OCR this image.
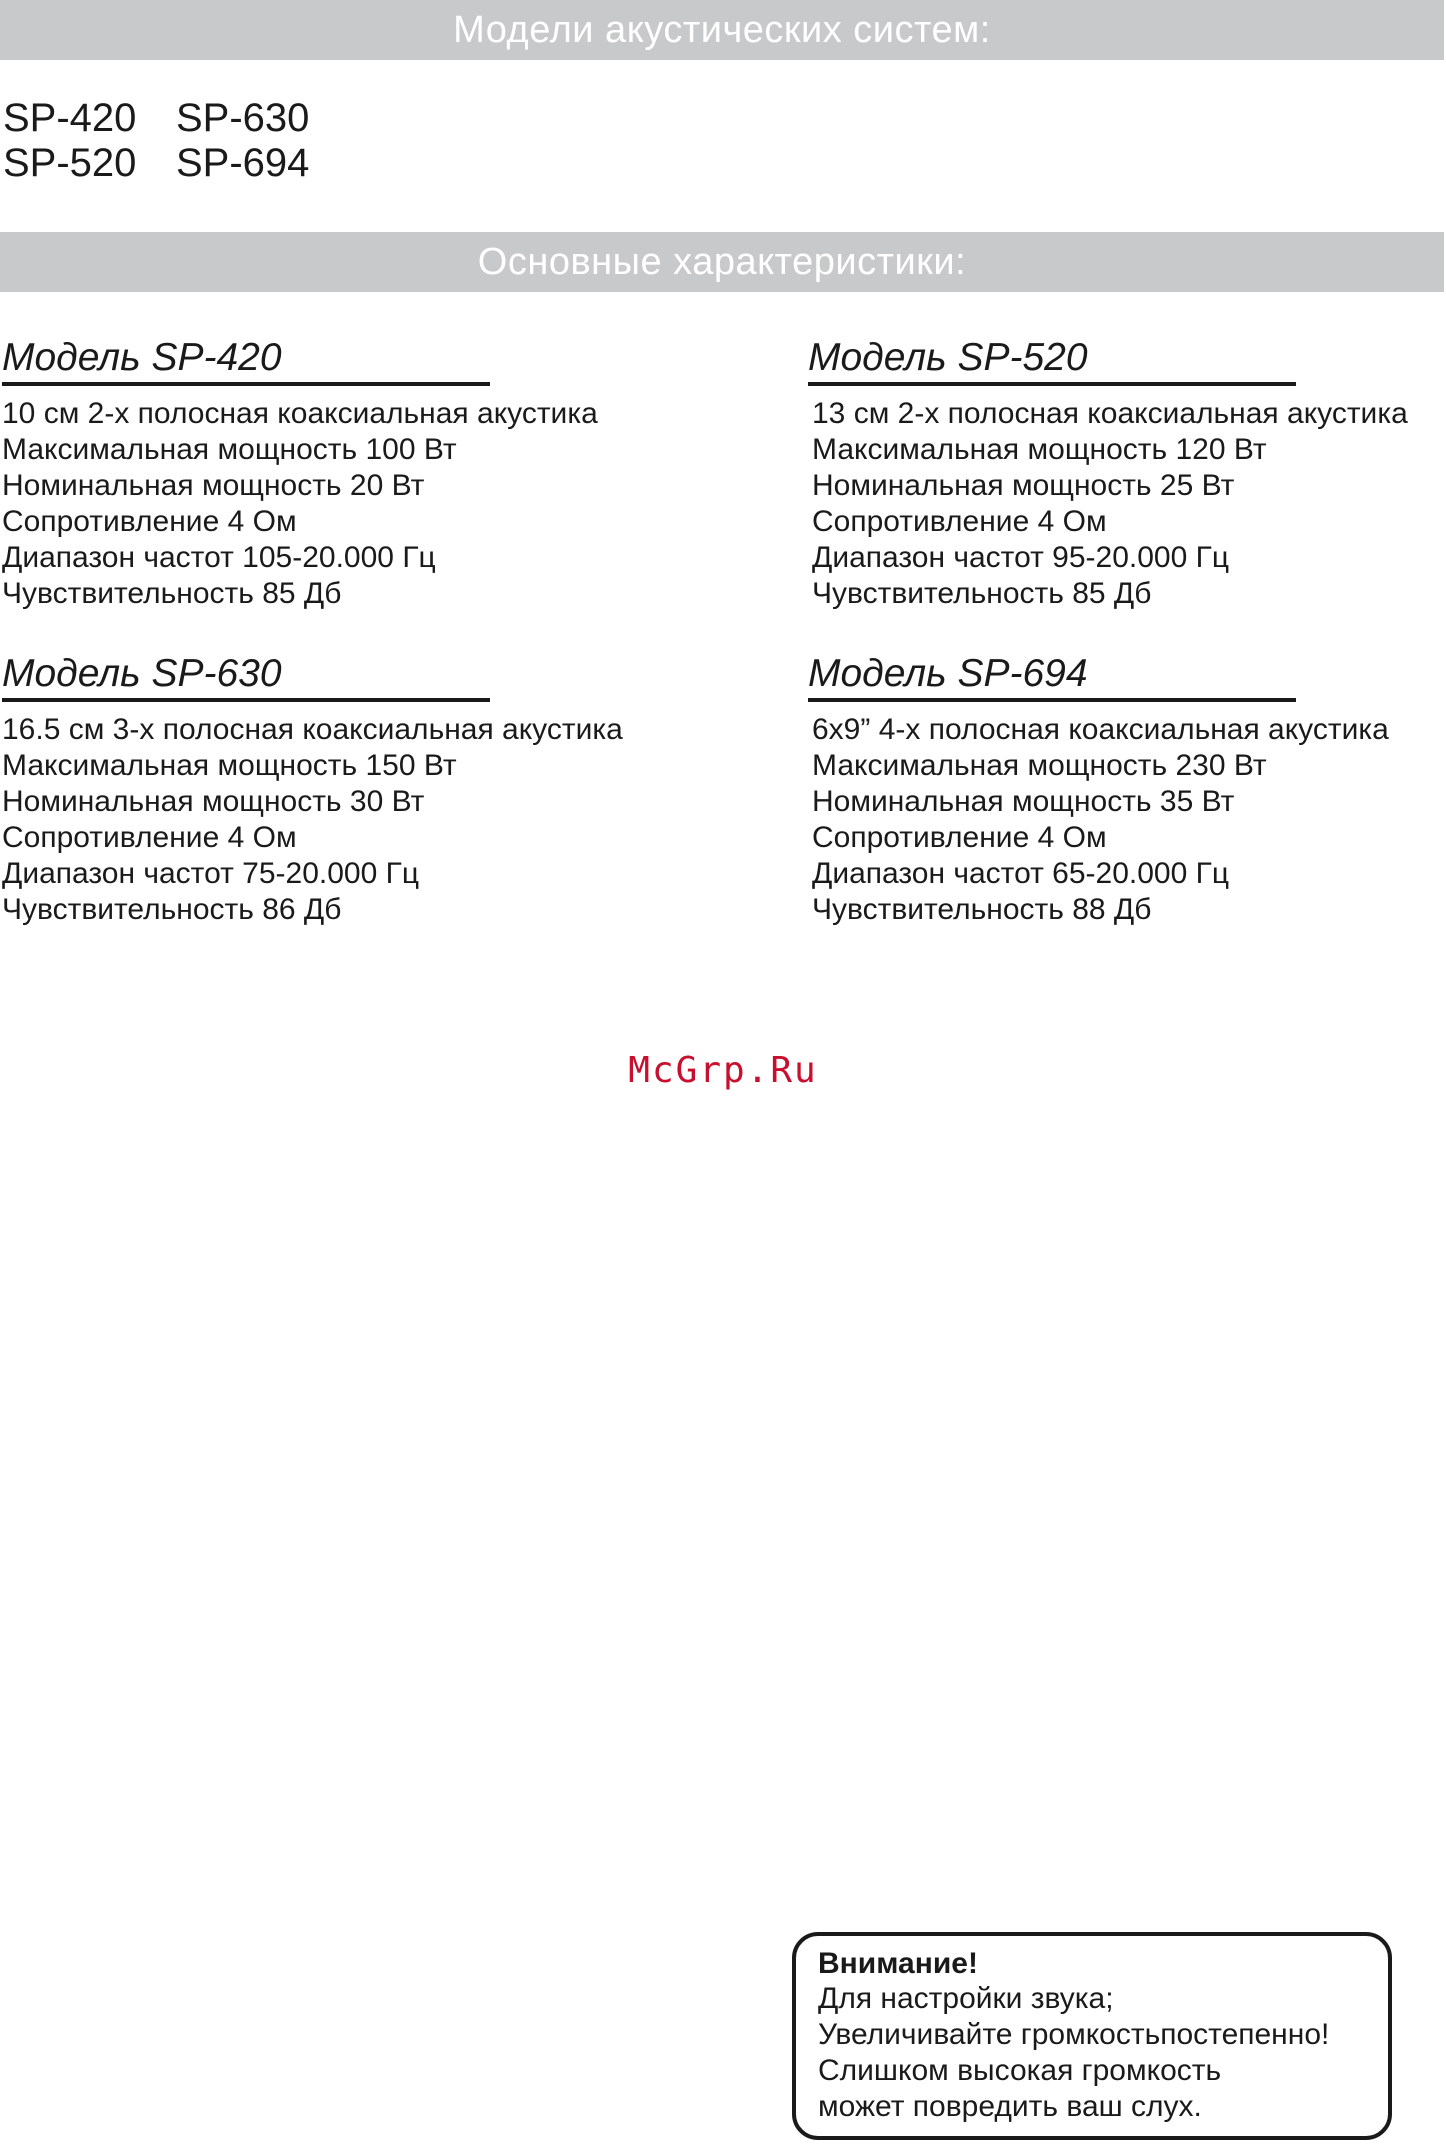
Модели акустических систем:
SP-420 SP-630
SP-520 SP-694
Основные характеристики:
Модель SP-420
10 см 2-х полосная коаксиальная акустика
Максимальная мощность 100 Вт
Номинальная мощность 20 Вт
Сопротивление 4 Ом
Диапазон частот 105-20.000 Гц
Чувствительность 85 Дб
Модель SP-520
13 см 2-х полосная коаксиальная акустика
Максимальная мощность 120 Вт
Номинальная мощность 25 Вт
Сопротивление 4 Ом
Диапазон частот 95-20.000 Гц
Чувствительность 85 Дб
Модель SP-630
16.5 см 3-х полосная коаксиальная акустика
Максимальная мощность 150 Вт
Номинальная мощность 30 Вт
Сопротивление 4 Ом
Диапазон частот 75-20.000 Гц
Чувствительность 86 Дб
Модель SP-694
6x9” 4-х полосная коаксиальная акустика
Максимальная мощность 230 Вт
Номинальная мощность 35 Вт
Сопротивление 4 Ом
Диапазон частот 65-20.000 Гц
Чувствительность 88 Дб
McGrp.Ru
Внимание!
Для настройки звука;
Увеличивайте громкостьпостепенно!
Слишком высокая громкость
может повредить ваш слух.
